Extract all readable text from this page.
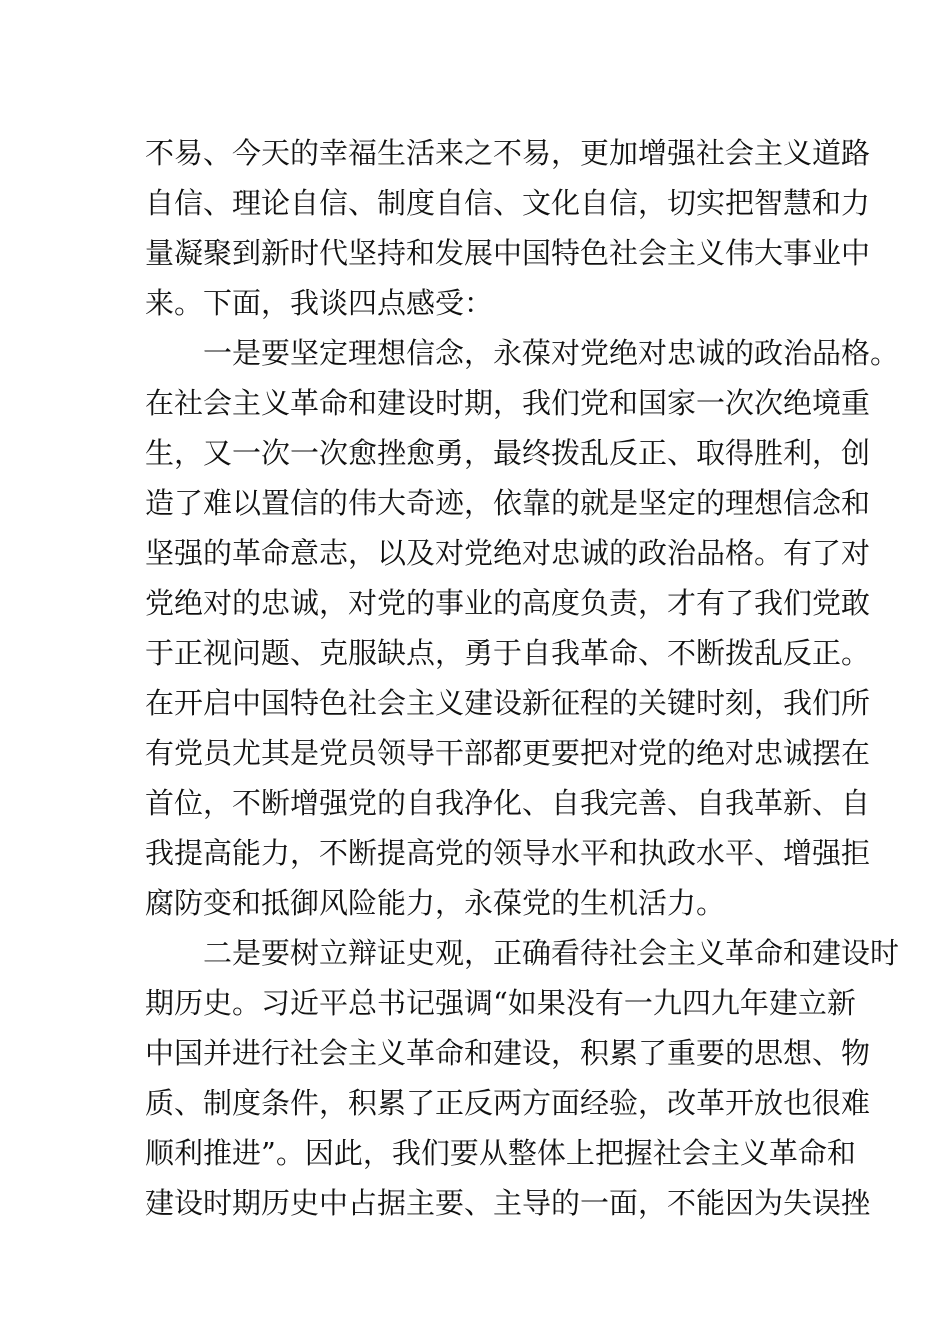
不易、今天的幸福生活来之不易，更加增强社会主义道路
自信、理论自信、制度自信、文化自信，切实把智慧和力
量凝聚到新时代坚持和发展中国特色社会主义伟大事业中
来。下面，我谈四点感受：

　　一是要坚定理想信念，永葆对党绝对忠诚的政治品格。
在社会主义革命和建设时期，我们党和国家一次次绝境重
生，又一次一次愈挫愈勇，最终拨乱反正、取得胜利，创
造了难以置信的伟大奇迹，依靠的就是坚定的理想信念和
坚强的革命意志，以及对党绝对忠诚的政治品格。有了对
党绝对的忠诚，对党的事业的高度负责，才有了我们党敢
于正视问题、克服缺点，勇于自我革命、不断拨乱反正。
在开启中国特色社会主义建设新征程的关键时刻，我们所
有党员尤其是党员领导干部都更要把对党的绝对忠诚摆在
首位，不断增强党的自我净化、自我完善、自我革新、自
我提高能力，不断提高党的领导水平和执政水平、增强拒
腐防变和抵御风险能力，永葆党的生机活力。

　　二是要树立辩证史观，正确看待社会主义革命和建设时
期历史。习近平总书记强调“如果没有一九四九年建立新
中国并进行社会主义革命和建设，积累了重要的思想、物
质、制度条件，积累了正反两方面经验，改革开放也很难
顺利推进”。因此，我们要从整体上把握社会主义革命和
建设时期历史中占据主要、主导的一面，不能因为失误挫
